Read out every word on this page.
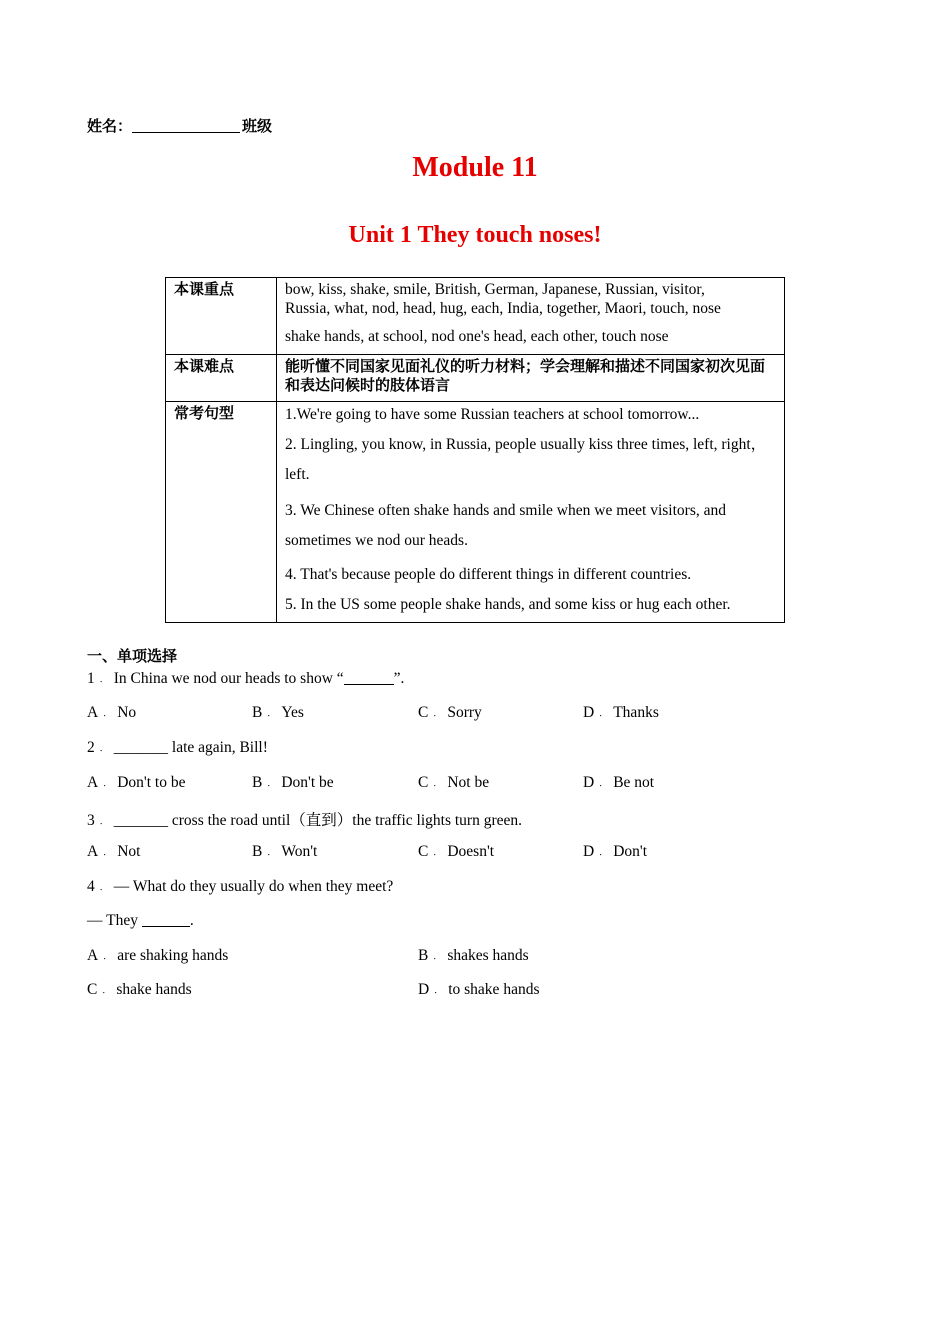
姓名：	班级
Module 11
Unit 1 They touch noses!
本课重点	bow, kiss, shake, smile, British, German, Japanese, Russian, visitor,
Russia, what, nod, head, hug, each, India, together, Maori, touch, nose
shake hands, at school, nod one's head, each other, touch nose

本课难点	能听懂不同国家见面礼仪的听力材料；学会理解和描述不同国家初次见面和表达问候时的肢体语言
常考句型	1.We're going to have some Russian teachers at school tomorrow...
2. Lingling, you know, in Russia, people usually kiss three times, left, right，left.
3. We Chinese often shake hands and smile when we meet visitors, and sometimes we nod our heads.
4. That's because people do different things in different countries.
5. In the US some people shake hands, and some kiss or hug each other.
一、单项选择
1 ． In China we nod our heads to show “	”.
A ． No	B ． Yes	C ． Sorry	D ． Thanks
2 ． _______ late again, Bill!
A ． Don't to be	B ． Don't be	C ． Not be	D ． Be not
3 ． _______ cross the road until（直到）the traffic lights turn green.
A ． Not	B ． Won't	C ． Doesn't	D ． Don't
4 ． — What do they usually do when they meet?
— They	.
A ． are shaking hands	B ． shakes hands
C ． shake hands	D ． to shake hands
